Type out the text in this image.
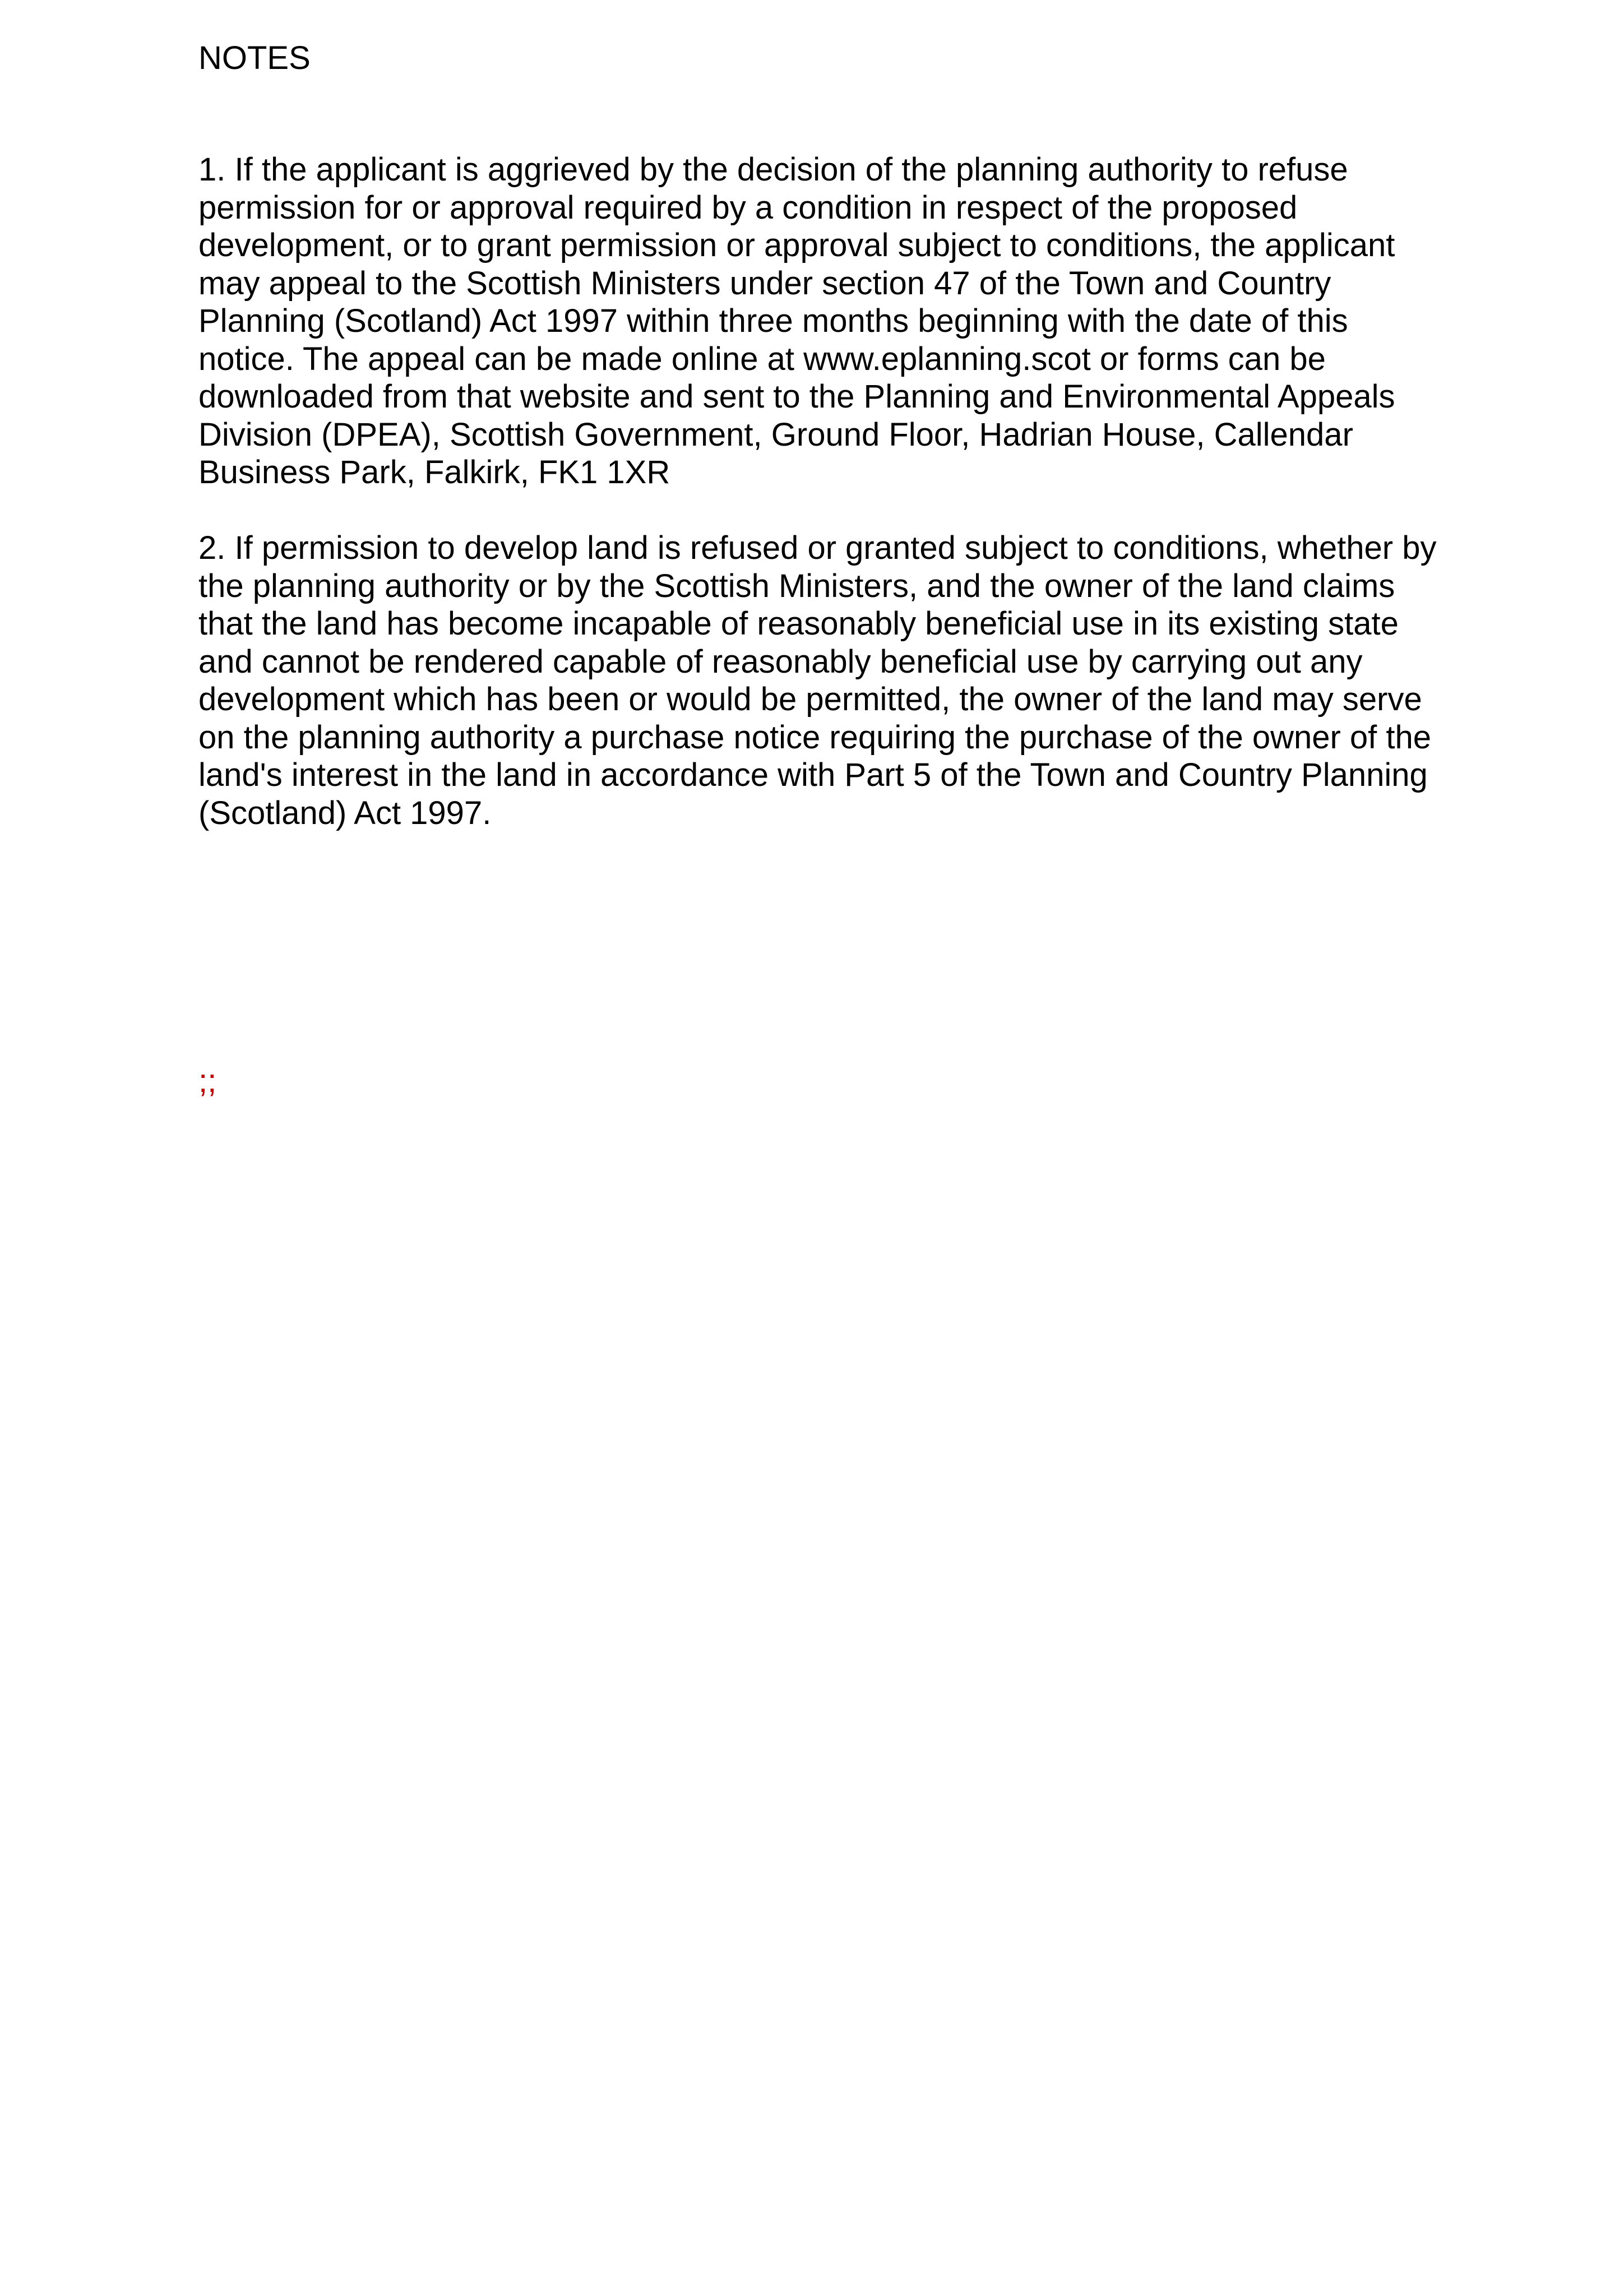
NOTES
1. If the applicant is aggrieved by the decision of the planning authority to refuse
permission for or approval required by a condition in respect of the proposed
development, or to grant permission or approval subject to conditions, the applicant
may appeal to the Scottish Ministers under section 47 of the Town and Country
Planning (Scotland) Act 1997 within three months beginning with the date of this
notice. The appeal can be made online at www.eplanning.scot or forms can be
downloaded from that website and sent to the Planning and Environmental Appeals
Division (DPEA), Scottish Government, Ground Floor, Hadrian House, Callendar
Business Park, Falkirk, FK1 1XR
2. If permission to develop land is refused or granted subject to conditions, whether by
the planning authority or by the Scottish Ministers, and the owner of the land claims
that the land has become incapable of reasonably beneficial use in its existing state
and cannot be rendered capable of reasonably beneficial use by carrying out any
development which has been or would be permitted, the owner of the land may serve
on the planning authority a purchase notice requiring the purchase of the owner of the
land's interest in the land in accordance with Part 5 of the Town and Country Planning
(Scotland) Act 1997.
;;
